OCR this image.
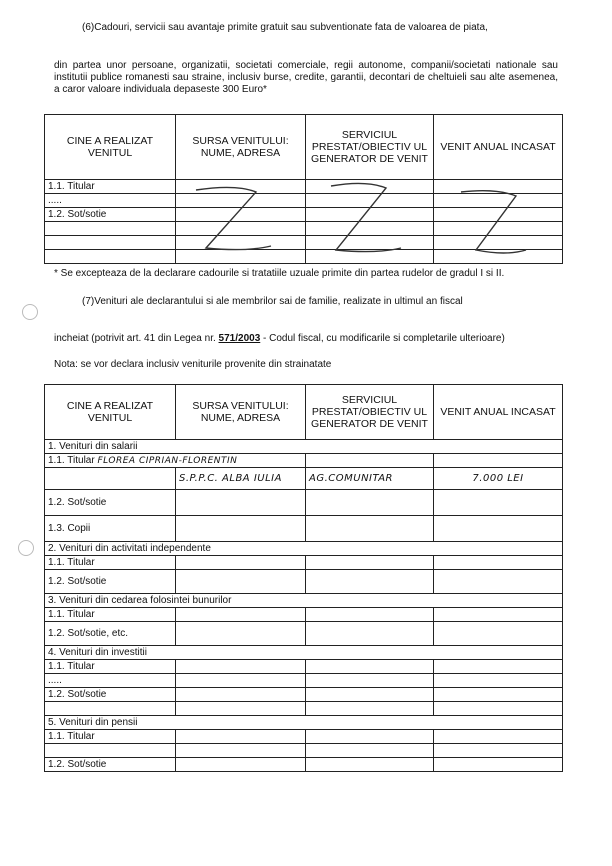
(6)Cadouri, servicii sau avantaje primite gratuit sau subventionate fata de valoarea de piata,
din partea unor persoane, organizatii, societati comerciale, regii autonome, companii/societati nationale sau institutii publice romanesti sau straine, inclusiv burse, credite, garantii, decontari de cheltuieli sau alte asemenea, a caror valoare individuala depaseste 300 Euro*
CINE A REALIZAT VENITUL	SURSA VENITULUI: NUME, ADRESA	SERVICIUL PRESTAT/OBIECTIV UL GENERATOR DE VENIT	VENIT ANUAL INCASAT
1.1. Titular			
.....			
1.2. Sot/sotie			

* Se excepteaza de la declarare cadourile si tratatiile uzuale primite din partea rudelor de gradul I si II.
(7)Venituri ale declarantului si ale membrilor sai de familie, realizate in ultimul an fiscal
incheiat (potrivit art. 41 din Legea nr. 571/2003 - Codul fiscal, cu modificarile si completarile ulterioare)
Nota: se vor declara inclusiv veniturile provenite din strainatate
CINE A REALIZAT VENITUL	SURSA VENITULUI: NUME, ADRESA	SERVICIUL PRESTAT/OBIECTIV UL GENERATOR DE VENIT	VENIT ANUAL INCASAT
1. Venituri din salarii			
1.1. Titular FLOREA CIPRIAN-FLORENTIN			
	S.P.P.C. ALBA IULIA	AG.COMUNITAR	7.000 LEI
1.2. Sot/sotie			
1.3. Copii			
2. Venituri din activitati independente			
1.1. Titular			
1.2. Sot/sotie			
3. Venituri din cedarea folosintei bunurilor			
1.1. Titular			
1.2. Sot/sotie, etc.			
4. Venituri din investitii			
1.1. Titular			
.....			
1.2. Sot/sotie			

5. Venituri din pensii			
1.1. Titular			

1.2. Sot/sotie			
